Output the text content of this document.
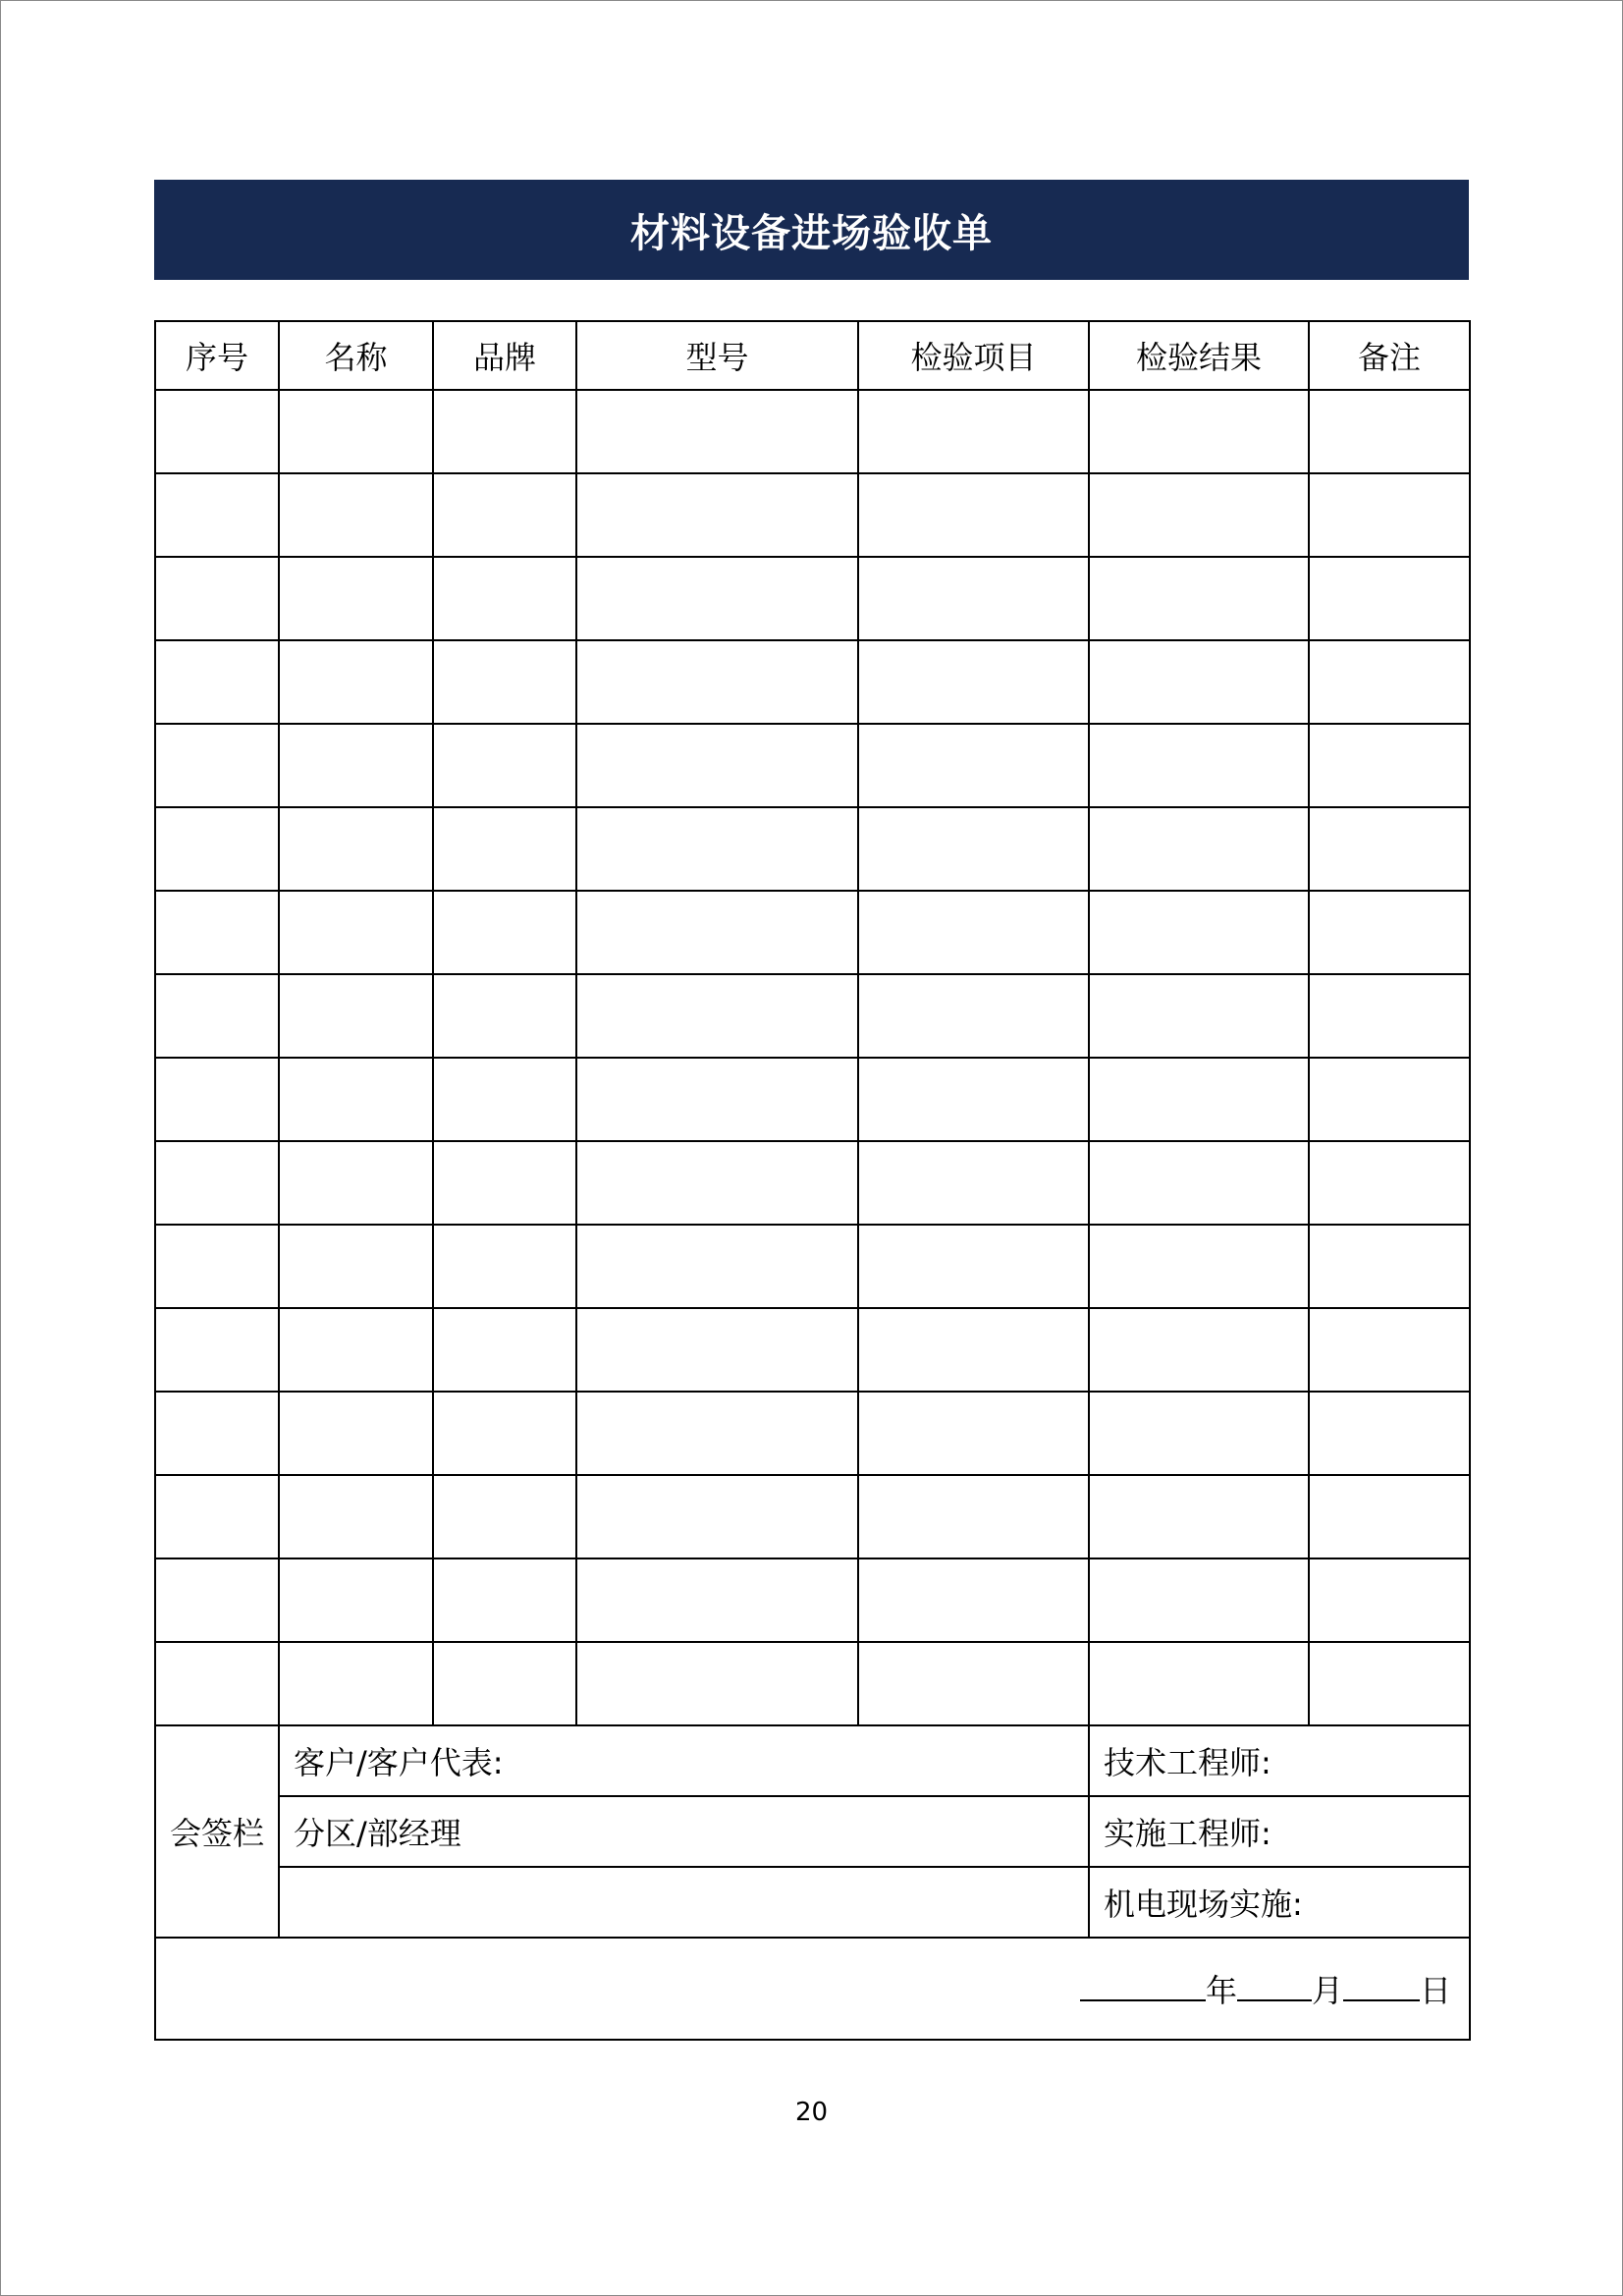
材料设备进场验收单
序号	名称	品牌	型号	检验项目	检验结果	备注

会签栏	客户/客户代表:				技术工程师:	
	分区/部经理				实施工程师:	
					机电现场实施:	
年 月 日						
20
